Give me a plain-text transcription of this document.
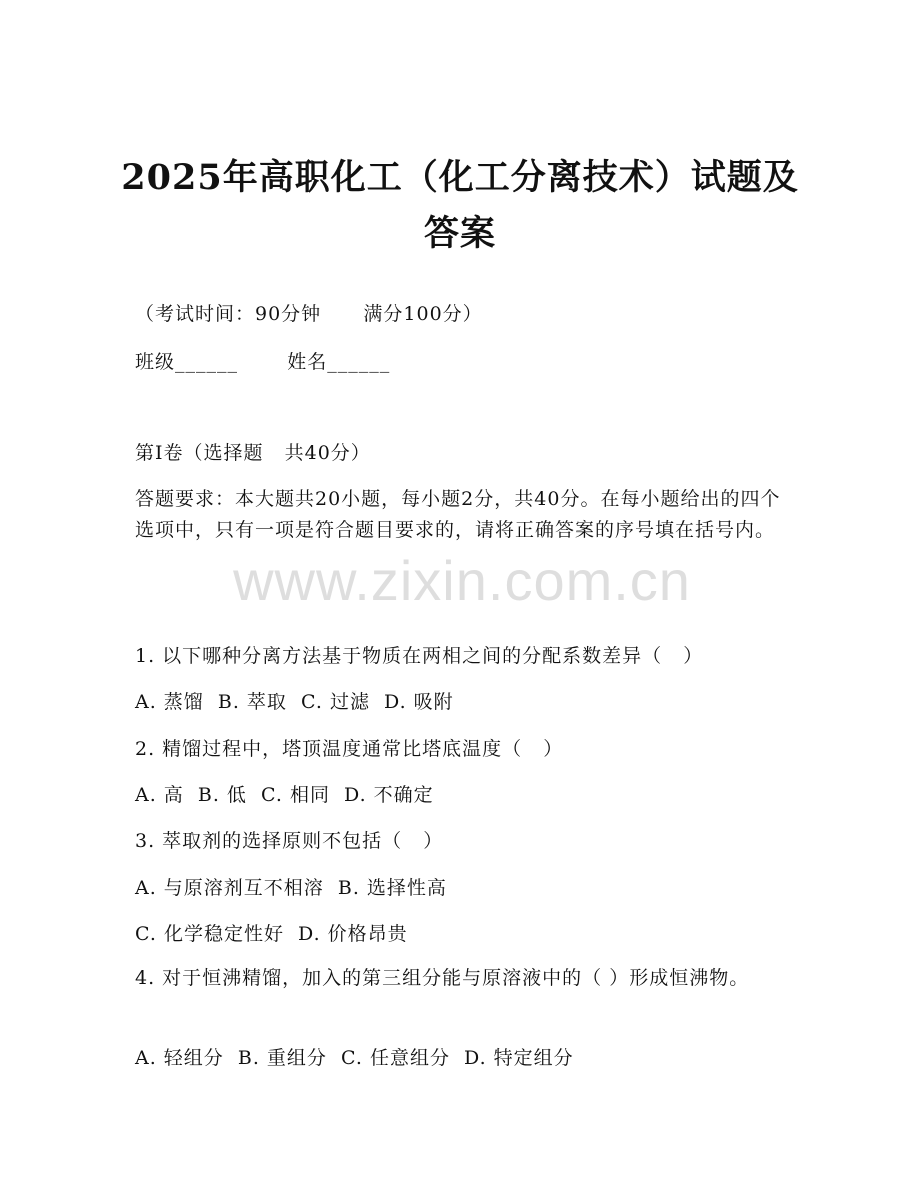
2025年高职化工（化工分离技术）试题及答案
（考试时间：90分钟      满分100分）
班级______       姓名______
第Ⅰ卷（选择题   共40分）
答题要求：本大题共20小题，每小题2分，共40分。在每小题给出的四个选项中，只有一项是符合题目要求的，请将正确答案的序号填在括号内。
www.zixin.com.cn
1. 以下哪种分离方法基于物质在两相之间的分配系数差异（   ）
A. 蒸馏  B. 萃取  C. 过滤  D. 吸附
2. 精馏过程中，塔顶温度通常比塔底温度（   ）
A. 高  B. 低  C. 相同  D. 不确定
3. 萃取剂的选择原则不包括（   ）
A. 与原溶剂互不相溶  B. 选择性高
C. 化学稳定性好  D. 价格昂贵
4. 对于恒沸精馏，加入的第三组分能与原溶液中的（ ）形成恒沸物。
A. 轻组分  B. 重组分  C. 任意组分  D. 特定组分
